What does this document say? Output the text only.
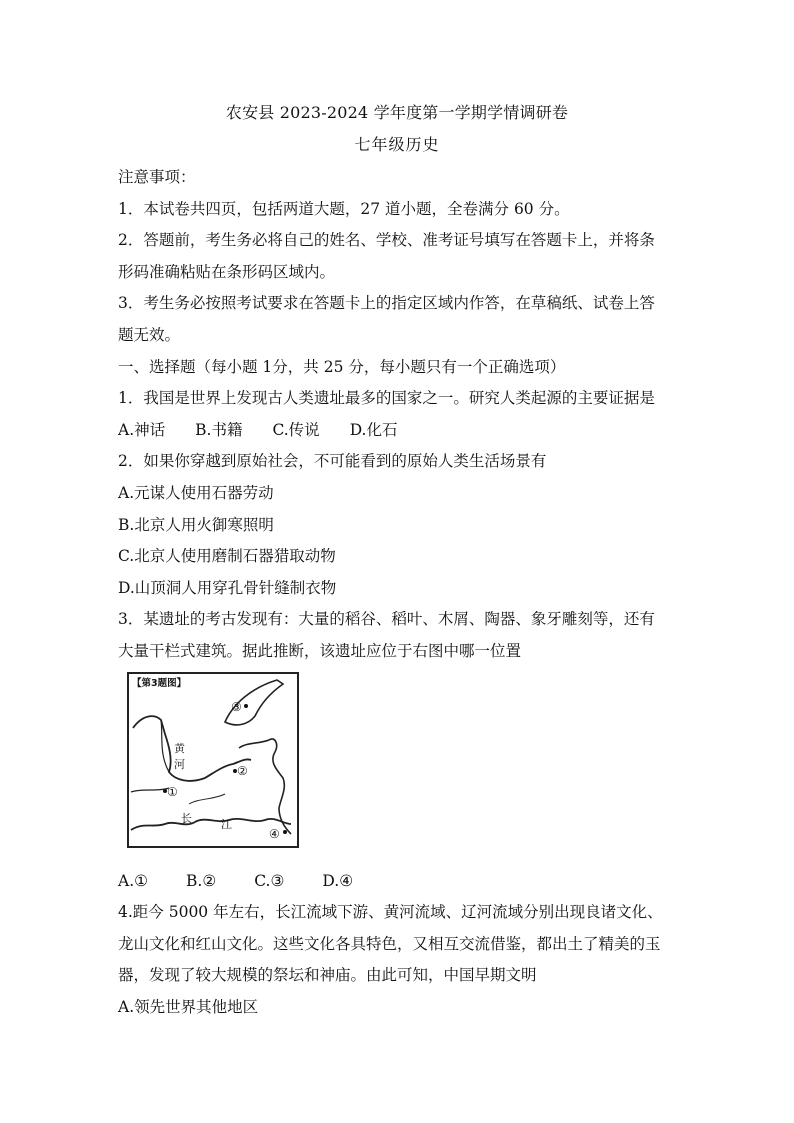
农安县 2023-2024 学年度第一学期学情调研卷
七年级历史
注意事项：
1．本试卷共四页，包括两道大题，27 道小题，全卷满分 60 分。
2．答题前，考生务必将自己的姓名、学校、准考证号填写在答题卡上，并将条
形码准确粘贴在条形码区域内。
3．考生务必按照考试要求在答题卡上的指定区域内作答，在草稿纸、试卷上答
题无效。
一、选择题（每小题 1分，共 25 分，每小题只有一个正确选项）
1．我国是世界上发现古人类遗址最多的国家之一。研究人类起源的主要证据是
A.神话 B.书籍 C.传说 D.化石
2．如果你穿越到原始社会，不可能看到的原始人类生活场景有
A.元谋人使用石器劳动
B.北京人用火御寒照明
C.北京人使用磨制石器猎取动物
D.山顶洞人用穿孔骨针缝制衣物
3．某遗址的考古发现有：大量的稻谷、稻叶、木屑、陶器、象牙雕刻等，还有
大量干栏式建筑。据此推断，该遗址应位于右图中哪一位置
【第3题图】
黄
河
长	江
①
②
③
④
A.① B.② C.③ D.④
4.距今 5000 年左右，长江流域下游、黄河流域、辽河流域分别出现良诸文化、
龙山文化和红山文化。这些文化各具特色，又相互交流借鉴，都出土了精美的玉
器，发现了较大规模的祭坛和神庙。由此可知，中国早期文明
A.领先世界其他地区
